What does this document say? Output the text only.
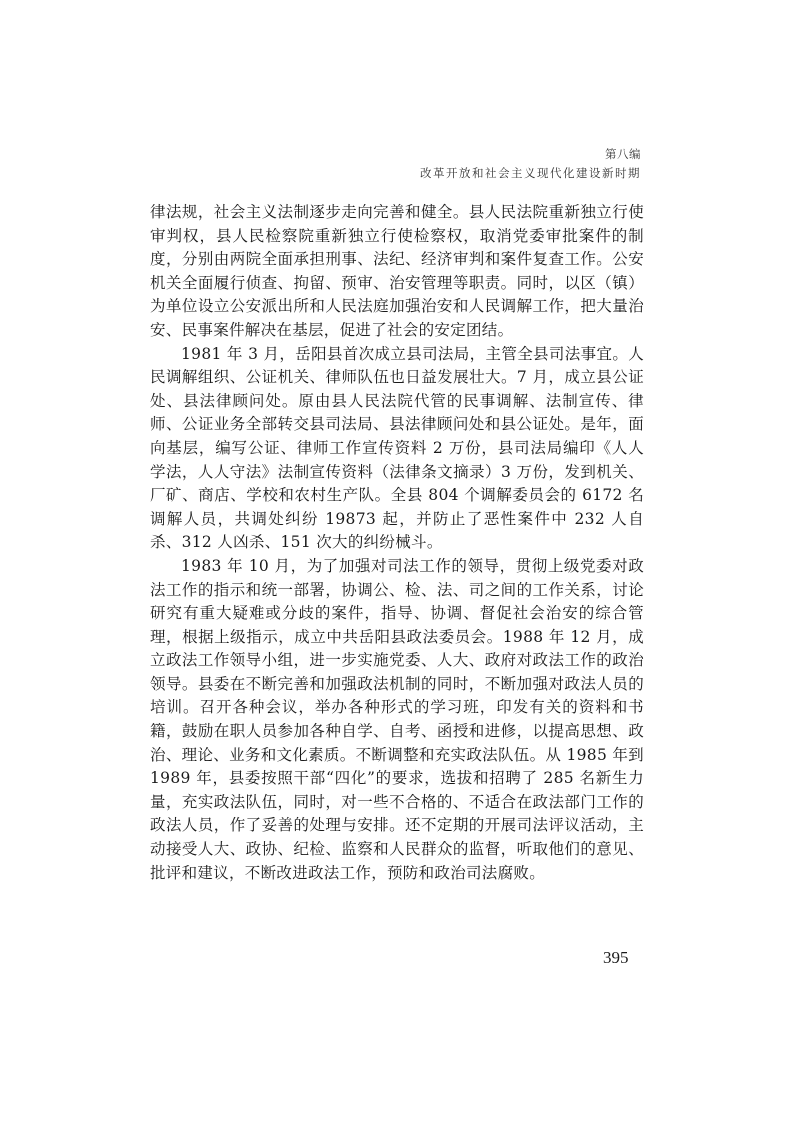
第八编
改革开放和社会主义现代化建设新时期

律法规，社会主义法制逐步走向完善和健全。县人民法院重新独立行使审判权，县人民检察院重新独立行使检察权，取消党委审批案件的制度，分别由两院全面承担刑事、法纪、经济审判和案件复查工作。公安机关全面履行侦查、拘留、预审、治安管理等职责。同时，以区（镇）为单位设立公安派出所和人民法庭加强治安和人民调解工作，把大量治安、民事案件解决在基层，促进了社会的安定团结。

1981 年 3 月，岳阳县首次成立县司法局，主管全县司法事宜。人民调解组织、公证机关、律师队伍也日益发展壮大。7 月，成立县公证处、县法律顾问处。原由县人民法院代管的民事调解、法制宣传、律师、公证业务全部转交县司法局、县法律顾问处和县公证处。是年，面向基层，编写公证、律师工作宣传资料 2 万份，县司法局编印《人人学法，人人守法》法制宣传资料（法律条文摘录）3 万份，发到机关、厂矿、商店、学校和农村生产队。全县 804 个调解委员会的 6172 名调解人员，共调处纠纷 19873 起，并防止了恶性案件中 232 人自杀、312 人凶杀、151 次大的纠纷械斗。

1983 年 10 月，为了加强对司法工作的领导，贯彻上级党委对政法工作的指示和统一部署，协调公、检、法、司之间的工作关系，讨论研究有重大疑难或分歧的案件，指导、协调、督促社会治安的综合管理，根据上级指示，成立中共岳阳县政法委员会。1988 年 12 月，成立政法工作领导小组，进一步实施党委、人大、政府对政法工作的政治领导。县委在不断完善和加强政法机制的同时，不断加强对政法人员的培训。召开各种会议，举办各种形式的学习班，印发有关的资料和书籍，鼓励在职人员参加各种自学、自考、函授和进修，以提高思想、政治、理论、业务和文化素质。不断调整和充实政法队伍。从 1985 年到 1989 年，县委按照干部“四化”的要求，选拔和招聘了 285 名新生力量，充实政法队伍，同时，对一些不合格的、不适合在政法部门工作的政法人员，作了妥善的处理与安排。还不定期的开展司法评议活动，主动接受人大、政协、纪检、监察和人民群众的监督，听取他们的意见、批评和建议，不断改进政法工作，预防和政治司法腐败。

395
